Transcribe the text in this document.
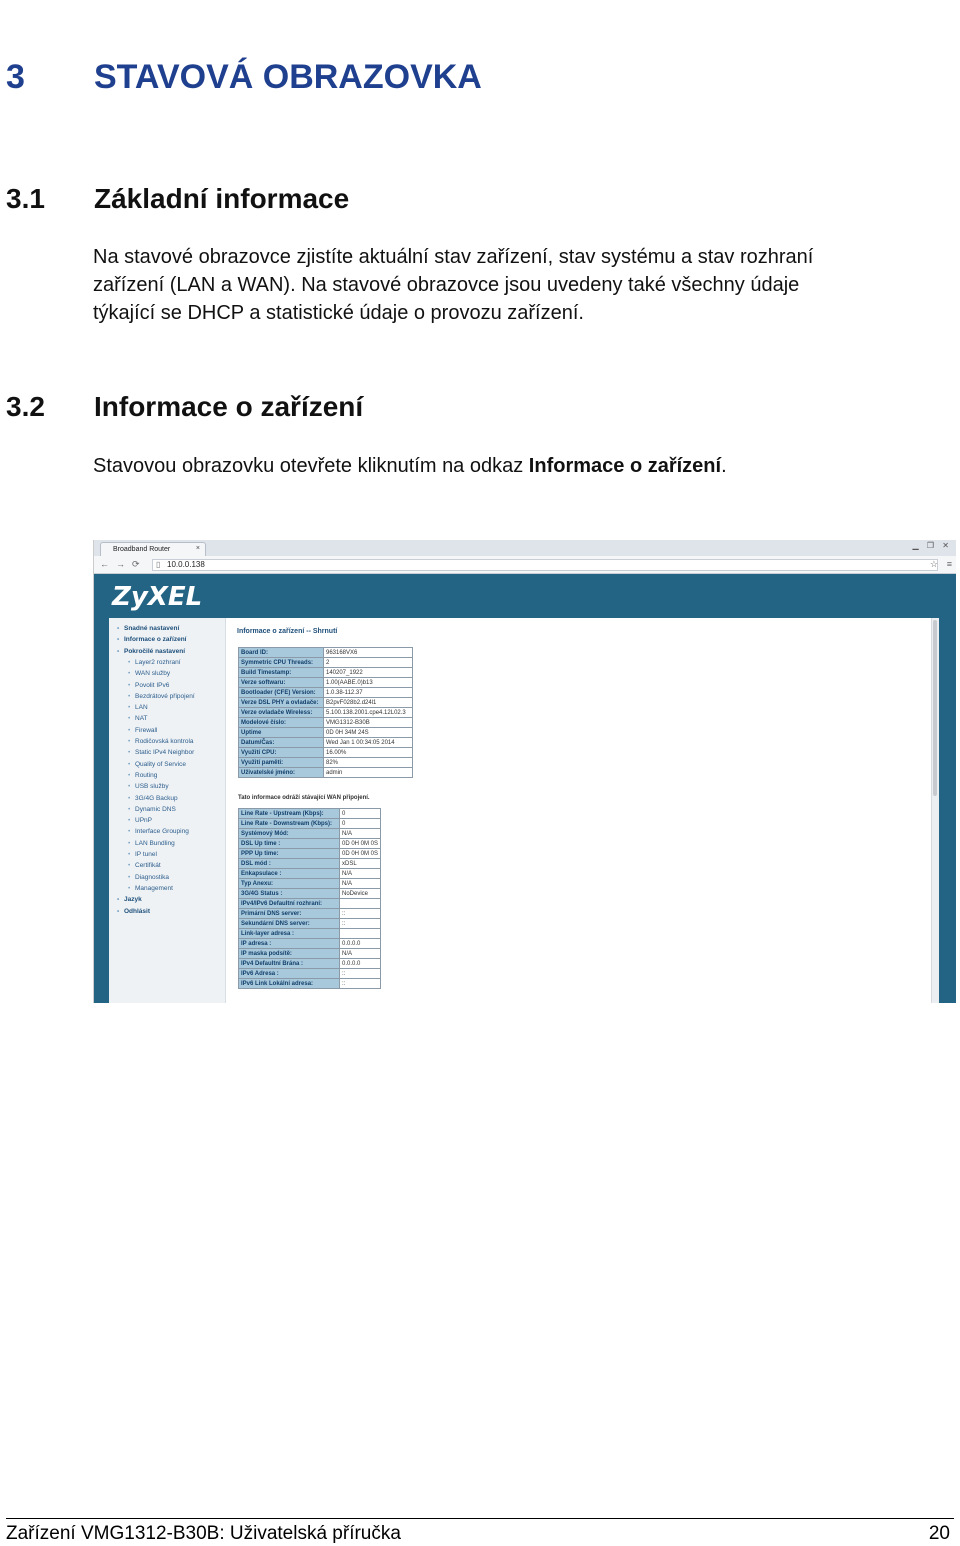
3 STAVOVÁ OBRAZOVKA
3.1 Základní informace
Na stavové obrazovce zjistíte aktuální stav zařízení, stav systému a stav rozhraní
zařízení (LAN a WAN). Na stavové obrazovce jsou uvedeny také všechny údaje
týkající se DHCP a statistické údaje o provozu zařízení.
3.2 Informace o zařízení
Stavovou obrazovku otevřete kliknutím na odkaz Informace o zařízení.
Broadband Router	×	▁ ❐ ✕
← → ⟳ ▯ 10.0.0.138	☆ ≡
ZyXEL
• Snadné nastavení
• Informace o zařízení
• Pokročilé nastavení
• Layer2 rozhraní
• WAN služby
• Povolit IPv6
• Bezdrátové připojení
• LAN
• NAT
• Firewall
• Rodičovská kontrola
• Static IPv4 Neighbor
• Quality of Service
• Routing
• USB služby
• 3G/4G Backup
• Dynamic DNS
• UPnP
• Interface Grouping
• LAN Bundling
• IP tunel
• Certifikát
• Diagnostika
• Management
• Jazyk
• Odhlásit
Informace o zařízení -- Shrnutí
Board ID:	963168VX6
Symmetric CPU Threads:	2
Build Timestamp:	140207_1922
Verze softwaru:	1.00(AABE.0)b13
Bootloader (CFE) Version:	1.0.38-112.37
Verze DSL PHY a ovladače:	B2pvF028b2.d24l1
Verze ovladače Wireless:	5.100.138.2001.cpe4.12L02.3
Modelové číslo:	VMG1312-B30B
Uptime	0D 0H 34M 24S
Datum/Čas:	Wed Jan 1 00:34:05 2014
Využití CPU:	16.00%
Využití paměti:	82%
Uživatelské jméno:	admin
Tato informace odráží stávající WAN připojení.
Line Rate - Upstream (Kbps):	0
Line Rate - Downstream (Kbps):	0
Systémový Mód:	N/A
DSL Up time :	0D 0H 0M 0S
PPP Up time:	0D 0H 0M 0S
DSL mód :	xDSL
Enkapsulace :	N/A
Typ Anexu:	N/A
3G/4G Status :	NoDevice
IPv4/IPv6 Defaultní rozhraní:	
Primární DNS server:	::
Sekundární DNS server:	::
Link-layer adresa :	
IP adresa :	0.0.0.0
IP maska podsítě:	N/A
IPv4 Defaultní Brána :	0.0.0.0
IPv6 Adresa :	::
IPv6 Link Lokální adresa:	::
Zařízení VMG1312-B30B: Uživatelská příručka	20
